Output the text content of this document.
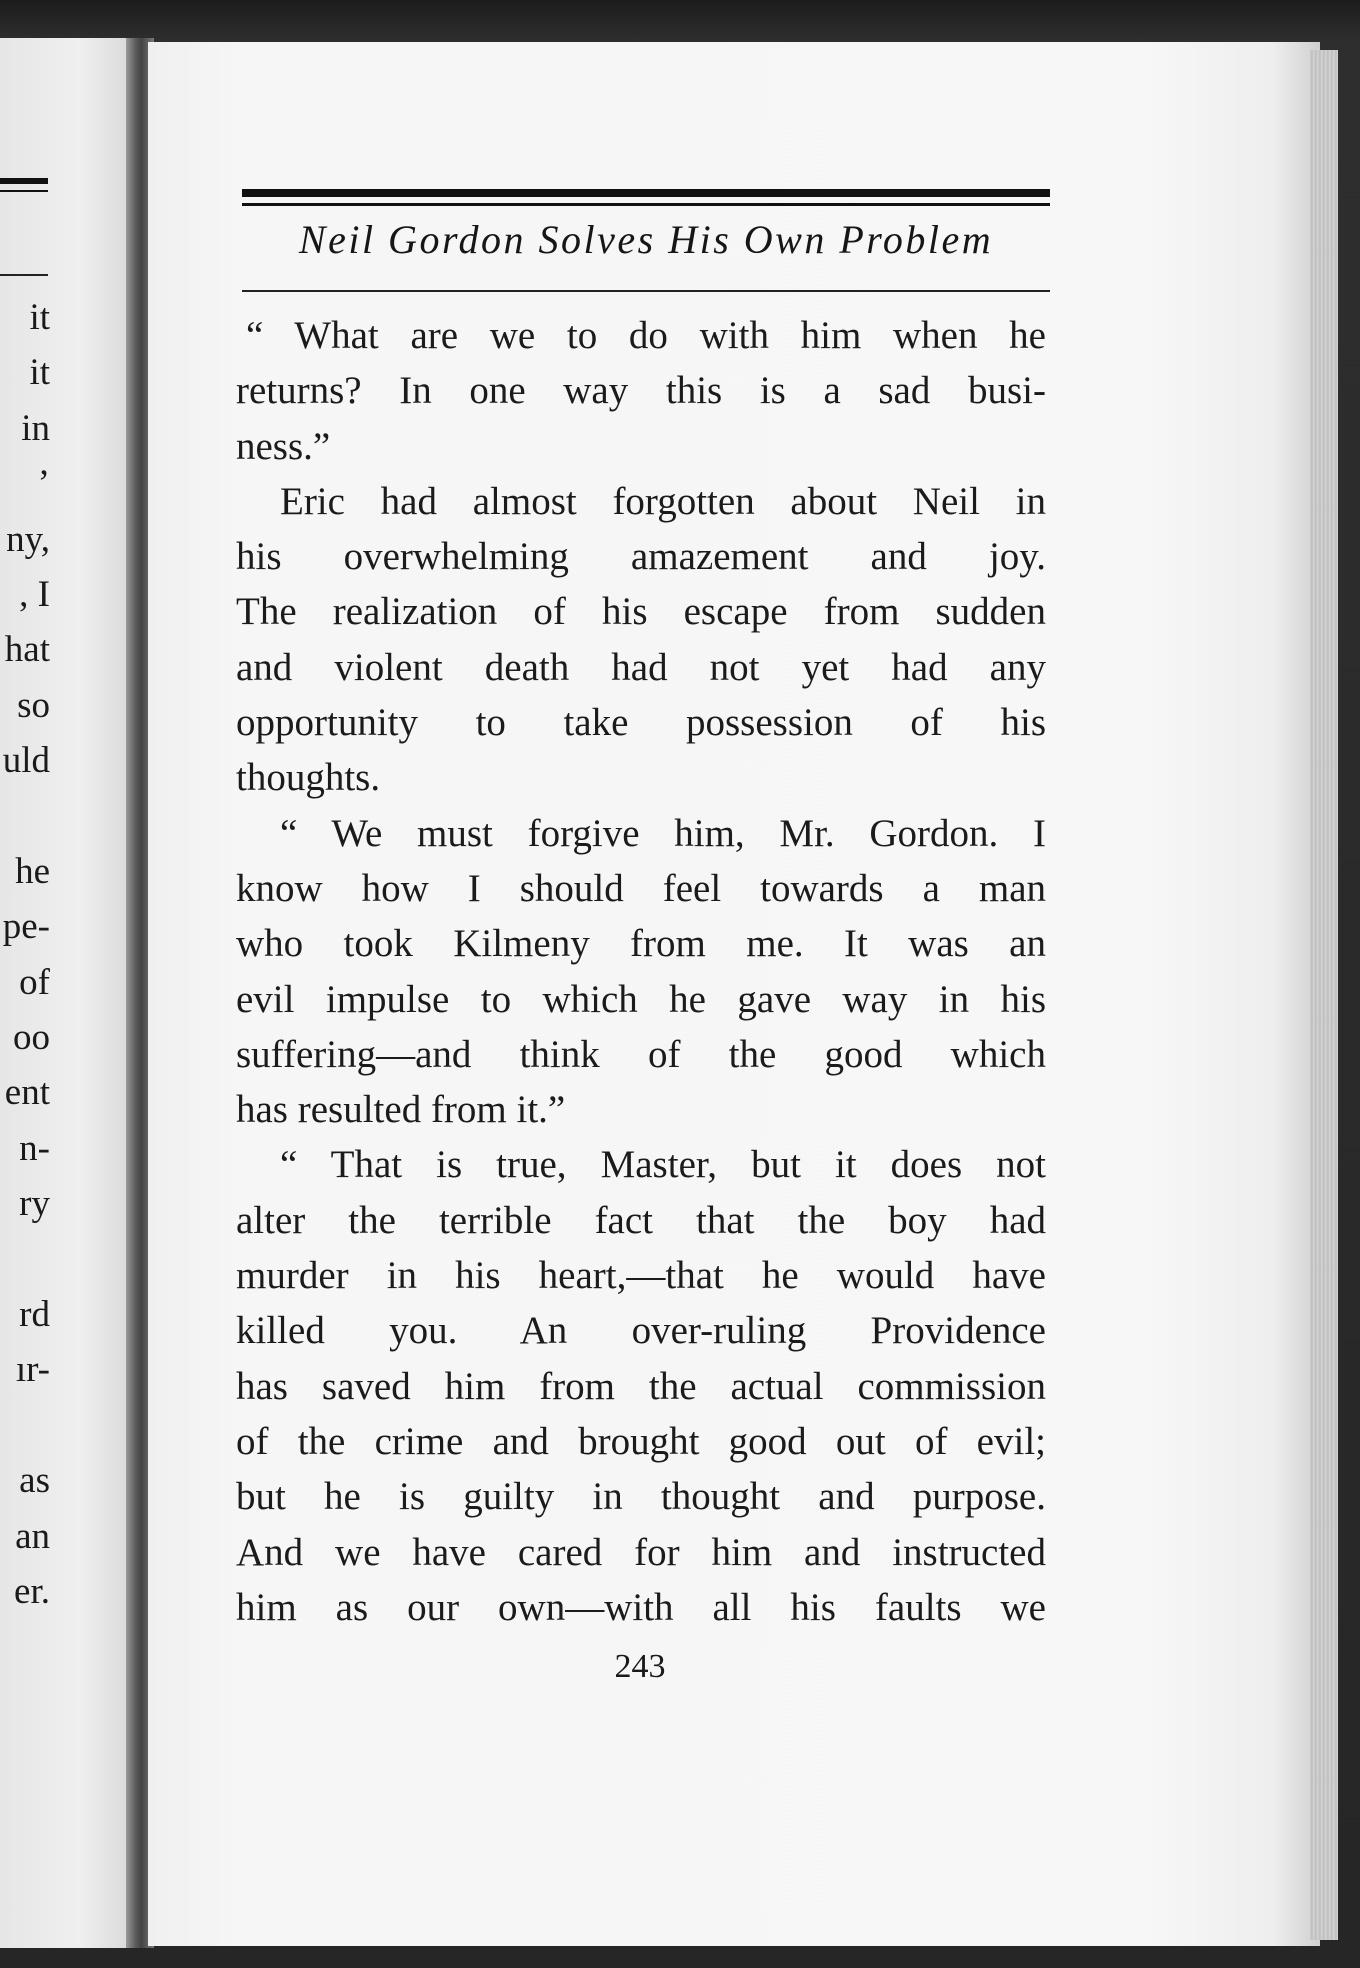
it
it
in
’
ny,
, I
hat
so
uld
he
pe-
of
oo
ent
n-
ry
rd
ır-
as
an
er.
Neil Gordon Solves His Own Problem
“ What are we to do with him when he
returns? In one way this is a sad busi-
ness.”
Eric had almost forgotten about Neil in
his overwhelming amazement and joy.
The realization of his escape from sudden
and violent death had not yet had any
opportunity to take possession of his
thoughts.
“ We must forgive him, Mr. Gordon. I
know how I should feel towards a man
who took Kilmeny from me. It was an
evil impulse to which he gave way in his
suffering—and think of the good which
has resulted from it.”
“ That is true, Master, but it does not
alter the terrible fact that the boy had
murder in his heart,—that he would have
killed you. An over-ruling Providence
has saved him from the actual commission
of the crime and brought good out of evil;
but he is guilty in thought and purpose.
And we have cared for him and instructed
him as our own—with all his faults we
243
